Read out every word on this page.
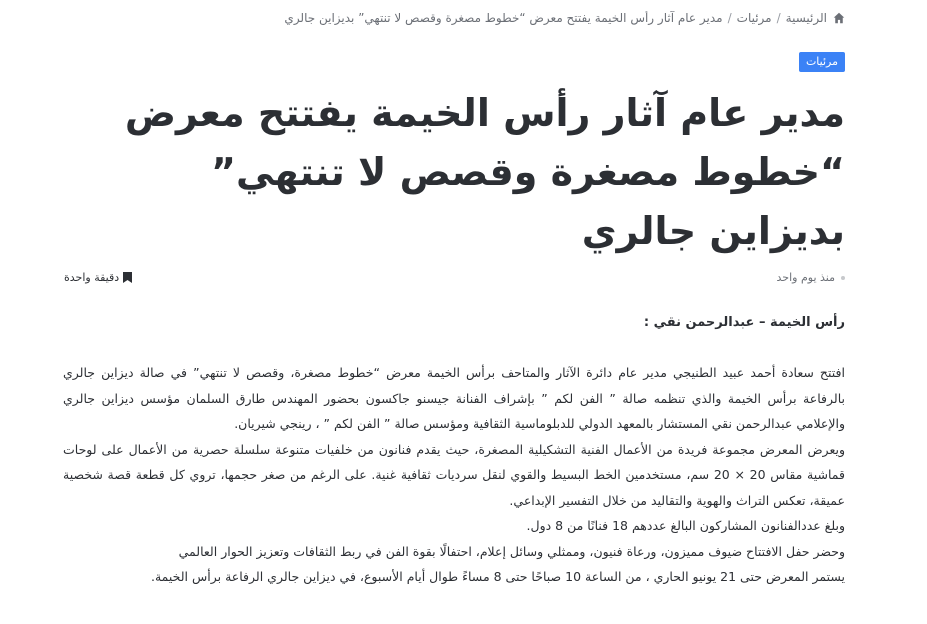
الرئيسية
/
مرئيات
/
مدير عام آثار رأس الخيمة يفتتح معرض “خطوط مصغرة وقصص لا تنتهي” بديزاين جالري
مرئيات
مدير عام آثار رأس الخيمة يفتتح معرض “خطوط مصغرة وقصص لا تنتهي” بديزاين جالري
منذ يوم واحد
دقيقة واحدة

رأس الخيمة – عبدالرحمن نقي :

افتتح سعادة أحمد عبيد الطنيجي مدير عام دائرة الآثار والمتاحف برأس الخيمة معرض “خطوط مصغرة، وقصص لا تنتهي” في صالة ديزاين جالري بالرفاعة برأس الخيمة والذي تنظمه صالة ” الفن لكم ” بإشراف الفنانة جيسنو جاكسون بحضور المهندس طارق السلمان مؤسس ديزاين جالري والإعلامي عبدالرحمن نقي المستشار بالمعهد الدولي للدبلوماسية الثقافية ومؤسس صالة ” الفن لكم ” ، رينجي شيريان.

ويعرض المعرض مجموعة فريدة من الأعمال الفنية التشكيلية المصغرة، حيث يقدم فنانون من خلفيات متنوعة سلسلة حصرية من الأعمال على لوحات قماشية مقاس 20 × 20 سم، مستخدمين الخط البسيط والقوي لنقل سرديات ثقافية غنية. على الرغم من صغر حجمها، تروي كل قطعة قصة شخصية عميقة، تعكس التراث والهوية والتقاليد من خلال التفسير الإبداعي.

وبلغ عددالفنانون المشاركون البالغ عددهم 18 فنانًا من 8 دول.

وحضر حفل الافتتاح ضيوف مميزون، ورعاة فنيون، وممثلي وسائل إعلام، احتفالًا بقوة الفن في ربط الثقافات وتعزيز الحوار العالمي

يستمر المعرض حتى 21 يونيو الحاري ، من الساعة 10 صباحًا حتى 8 مساءً طوال أيام الأسبوع، في ديزاين جالري الرفاعة برأس الخيمة.
